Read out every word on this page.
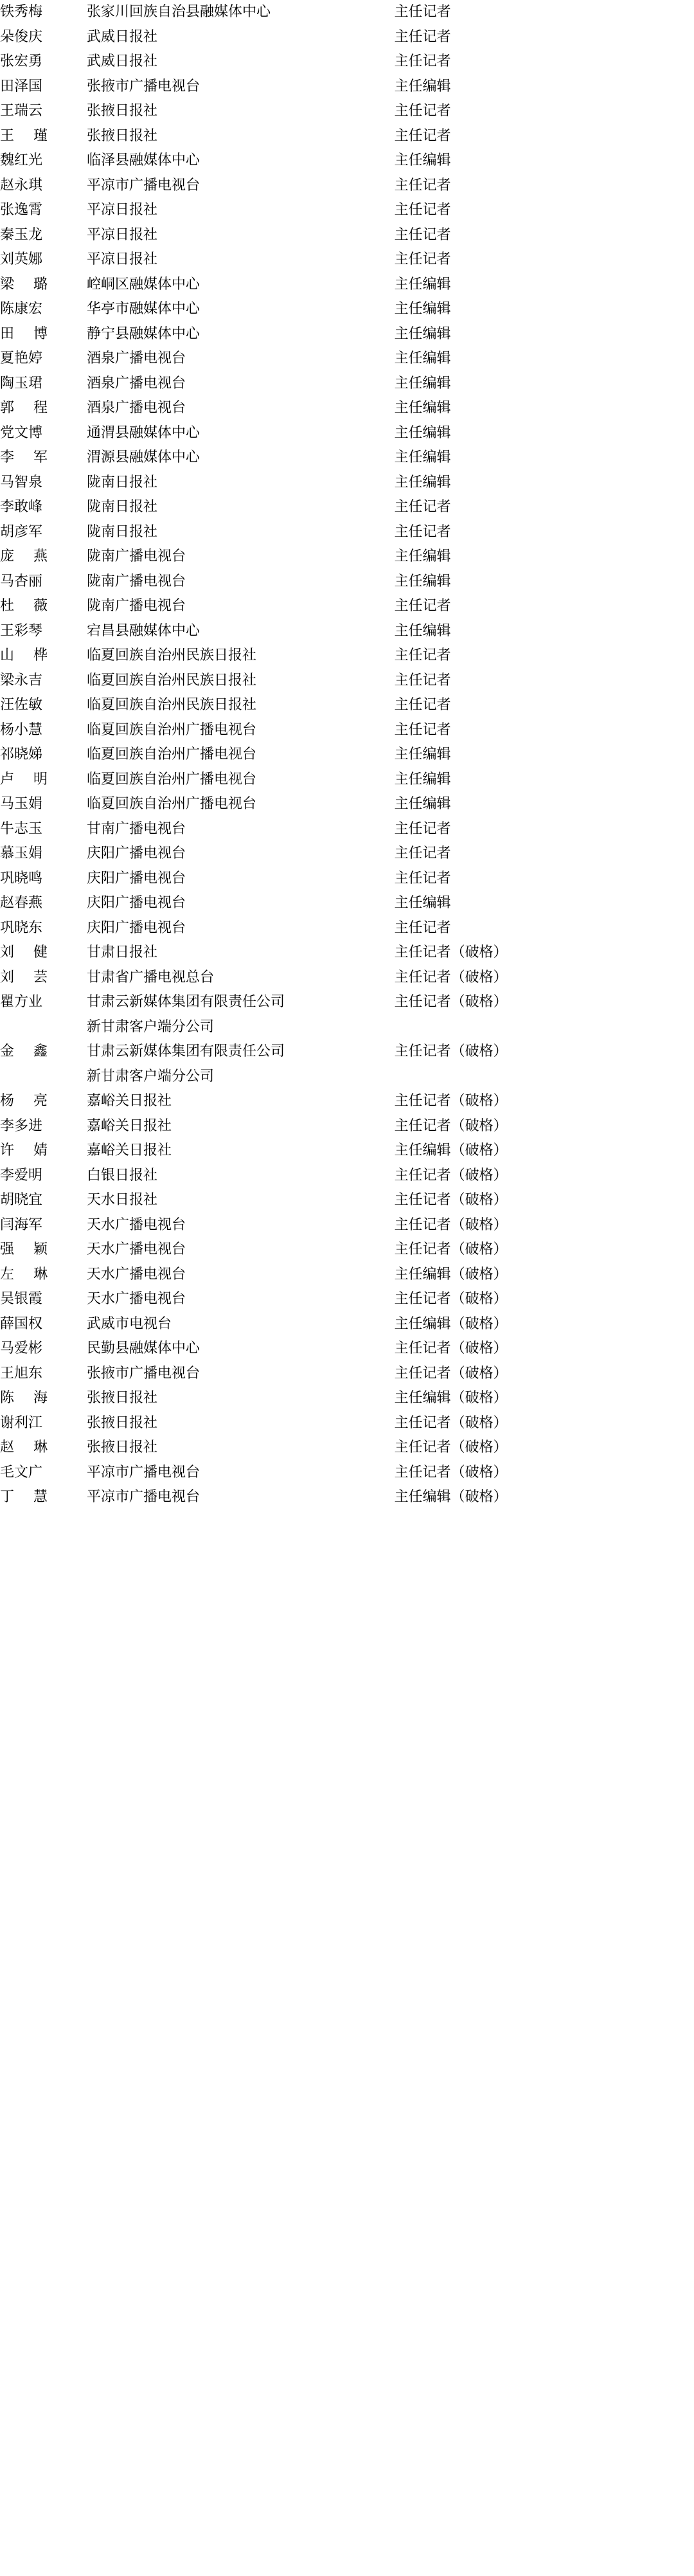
铁秀梅	张家川回族自治县融媒体中心	主任记者
朵俊庆	武威日报社	主任记者
张宏勇	武威日报社	主任记者
田泽国	张掖市广播电视台	主任编辑
王瑞云	张掖日报社	主任记者
王　瑾	张掖日报社	主任记者
魏红光	临泽县融媒体中心	主任编辑
赵永琪	平凉市广播电视台	主任记者
张逸霄	平凉日报社	主任记者
秦玉龙	平凉日报社	主任记者
刘英娜	平凉日报社	主任记者
梁　璐	崆峒区融媒体中心	主任编辑
陈康宏	华亭市融媒体中心	主任编辑
田　博	静宁县融媒体中心	主任编辑
夏艳婷	酒泉广播电视台	主任编辑
陶玉珺	酒泉广播电视台	主任编辑
郭　程	酒泉广播电视台	主任编辑
党文博	通渭县融媒体中心	主任编辑
李　军	渭源县融媒体中心	主任编辑
马智泉	陇南日报社	主任编辑
李敢峰	陇南日报社	主任记者
胡彦军	陇南日报社	主任记者
庞　燕	陇南广播电视台	主任编辑
马杏丽	陇南广播电视台	主任编辑
杜　薇	陇南广播电视台	主任记者
王彩琴	宕昌县融媒体中心	主任编辑
山　桦	临夏回族自治州民族日报社	主任记者
梁永吉	临夏回族自治州民族日报社	主任记者
汪佐敏	临夏回族自治州民族日报社	主任记者
杨小慧	临夏回族自治州广播电视台	主任记者
祁晓娣	临夏回族自治州广播电视台	主任编辑
卢　明	临夏回族自治州广播电视台	主任编辑
马玉娟	临夏回族自治州广播电视台	主任编辑
牛志玉	甘南广播电视台	主任记者
慕玉娟	庆阳广播电视台	主任记者
巩晓鸣	庆阳广播电视台	主任记者
赵春燕	庆阳广播电视台	主任编辑
巩晓东	庆阳广播电视台	主任记者
刘　健	甘肃日报社	主任记者（破格）
刘　芸	甘肃省广播电视总台	主任记者（破格）
瞿方业	甘肃云新媒体集团有限责任公司	主任记者（破格）
	新甘肃客户端分公司	
金　鑫	甘肃云新媒体集团有限责任公司	主任记者（破格）
	新甘肃客户端分公司	
杨　亮	嘉峪关日报社	主任记者（破格）
李多进	嘉峪关日报社	主任记者（破格）
许　婧	嘉峪关日报社	主任编辑（破格）
李爱明	白银日报社	主任记者（破格）
胡晓宜	天水日报社	主任记者（破格）
闫海军	天水广播电视台	主任记者（破格）
强　颖	天水广播电视台	主任记者（破格）
左　琳	天水广播电视台	主任编辑（破格）
吴银霞	天水广播电视台	主任记者（破格）
薛国权	武威市电视台	主任编辑（破格）
马爱彬	民勤县融媒体中心	主任记者（破格）
王旭东	张掖市广播电视台	主任记者（破格）
陈　海	张掖日报社	主任编辑（破格）
谢利江	张掖日报社	主任记者（破格）
赵　琳	张掖日报社	主任记者（破格）
毛文广	平凉市广播电视台	主任记者（破格）
丁　慧	平凉市广播电视台	主任编辑（破格）
